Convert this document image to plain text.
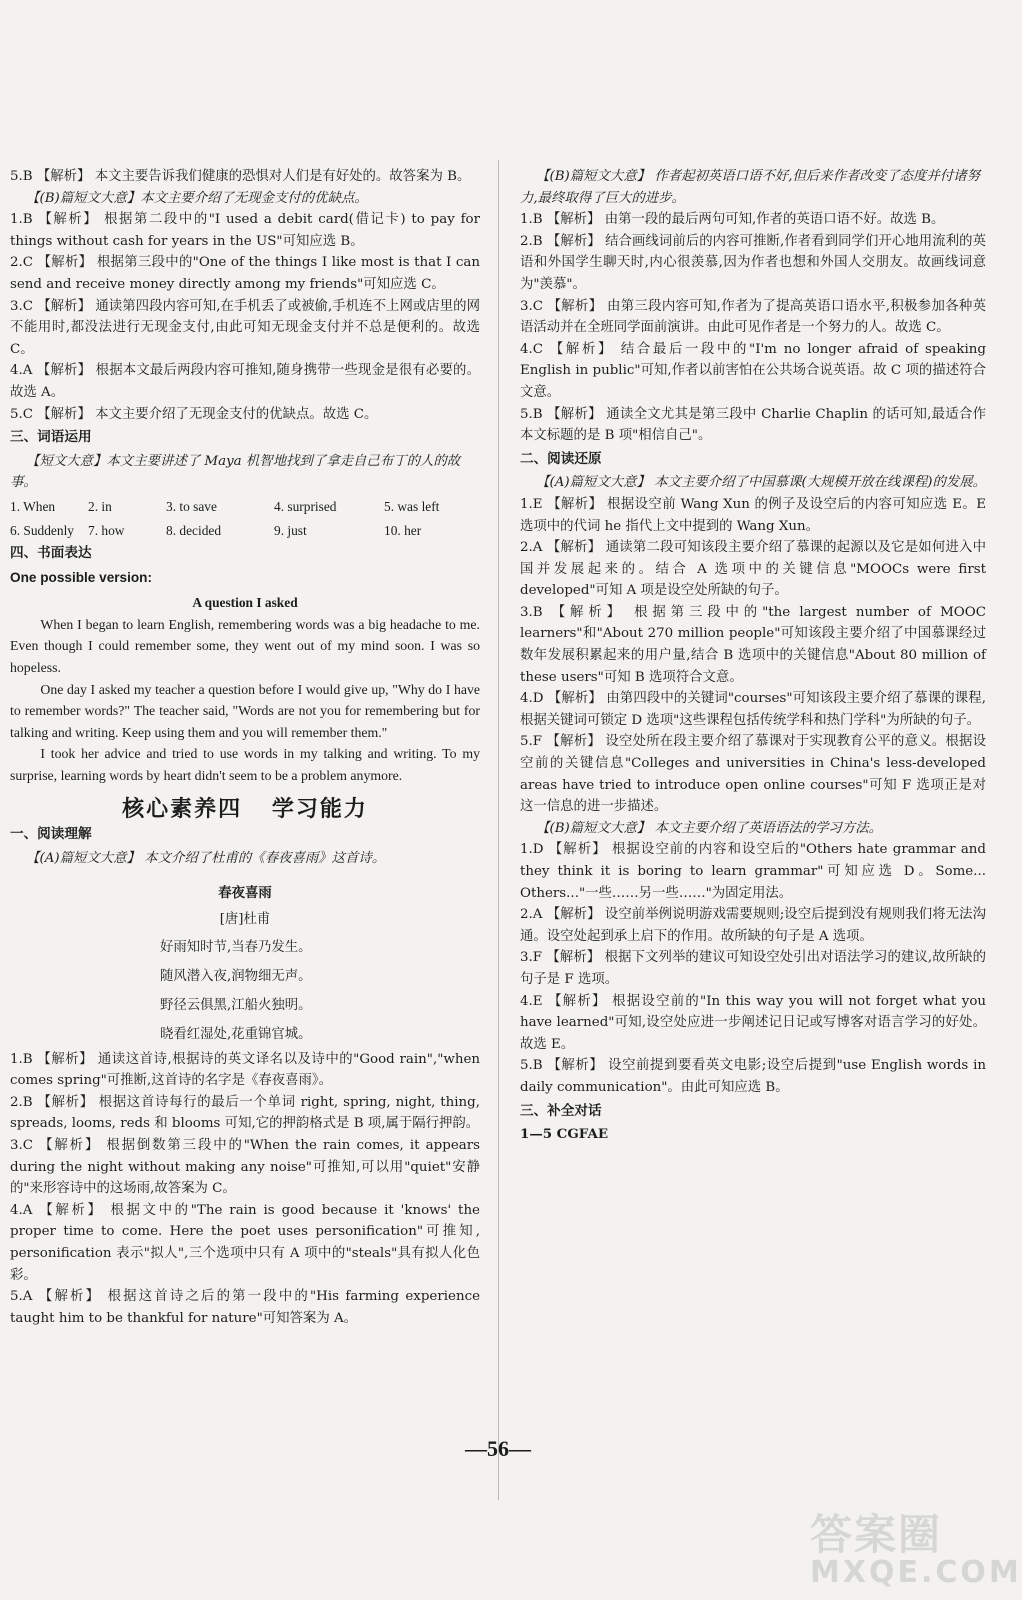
5.B 【解析】 本文主要告诉我们健康的恐惧对人们是有好处的。故答案为 B。

【(B)篇短文大意】本文主要介绍了无现金支付的优缺点。

1.B 【解析】 根据第二段中的"I used a debit card(借记卡) to pay for things without cash for years in the US"可知应选 B。

2.C 【解析】 根据第三段中的"One of the things I like most is that I can send and receive money directly among my friends"可知应选 C。

3.C 【解析】 通读第四段内容可知,在手机丢了或被偷,手机连不上网或店里的网不能用时,都没法进行无现金支付,由此可知无现金支付并不总是便利的。故选 C。

4.A 【解析】 根据本文最后两段内容可推知,随身携带一些现金是很有必要的。故选 A。

5.C 【解析】 本文主要介绍了无现金支付的优缺点。故选 C。

三、词语运用

【短文大意】本文主要讲述了 Maya 机智地找到了拿走自己布丁的人的故事。

1. When	2. in	3. to save	4. surprised	5. was left
6. Suddenly	7. how	8. decided	9. just	10. her

四、书面表达

One possible version:

A question I asked

When I began to learn English, remembering words was a big headache to me. Even though I could remember some, they went out of my mind soon. I was so hopeless.

One day I asked my teacher a question before I would give up, "Why do I have to remember words?" The teacher said, "Words are not you for remembering but for talking and writing. Keep using them and you will remember them."

I took her advice and tried to use words in my talking and writing. To my surprise, learning words by heart didn't seem to be a problem anymore.

核心素养四 学习能力

一、阅读理解

【(A)篇短文大意】 本文介绍了杜甫的《春夜喜雨》这首诗。

春夜喜雨

[唐]杜甫

好雨知时节,当春乃发生。

随风潜入夜,润物细无声。

野径云俱黑,江船火独明。

晓看红湿处,花重锦官城。

1.B 【解析】 通读这首诗,根据诗的英文译名以及诗中的"Good rain","when comes spring"可推断,这首诗的名字是《春夜喜雨》。

2.B 【解析】 根据这首诗每行的最后一个单词 right, spring, night, thing, spreads, looms, reds 和 blooms 可知,它的押韵格式是 B 项,属于隔行押韵。

3.C 【解析】 根据倒数第三段中的"When the rain comes, it appears during the night without making any noise"可推知,可以用"quiet"安静的"来形容诗中的这场雨,故答案为 C。

4.A 【解析】 根据文中的"The rain is good because it 'knows' the proper time to come. Here the poet uses personification"可推知, personification 表示"拟人",三个选项中只有 A 项中的"steals"具有拟人化色彩。

5.A 【解析】 根据这首诗之后的第一段中的"His farming experience taught him to be thankful for nature"可知答案为 A。

【(B)篇短文大意】 作者起初英语口语不好,但后来作者改变了态度并付诸努力,最终取得了巨大的进步。

1.B 【解析】 由第一段的最后两句可知,作者的英语口语不好。故选 B。

2.B 【解析】 结合画线词前后的内容可推断,作者看到同学们开心地用流利的英语和外国学生聊天时,内心很羡慕,因为作者也想和外国人交朋友。故画线词意为"羡慕"。

3.C 【解析】 由第三段内容可知,作者为了提高英语口语水平,积极参加各种英语活动并在全班同学面前演讲。由此可见作者是一个努力的人。故选 C。

4.C 【解析】 结合最后一段中的"I'm no longer afraid of speaking English in public"可知,作者以前害怕在公共场合说英语。故 C 项的描述符合文意。

5.B 【解析】 通读全文尤其是第三段中 Charlie Chaplin 的话可知,最适合作本文标题的是 B 项"相信自己"。

二、阅读还原

【(A)篇短文大意】 本文主要介绍了中国慕课(大规模开放在线课程)的发展。

1.E 【解析】 根据设空前 Wang Xun 的例子及设空后的内容可知应选 E。E 选项中的代词 he 指代上文中提到的 Wang Xun。

2.A 【解析】 通读第二段可知该段主要介绍了慕课的起源以及它是如何进入中国并发展起来的。结合 A 选项中的关键信息"MOOCs were first developed"可知 A 项是设空处所缺的句子。

3.B 【解析】 根据第三段中的"the largest number of MOOC learners"和"About 270 million people"可知该段主要介绍了中国慕课经过数年发展积累起来的用户量,结合 B 选项中的关键信息"About 80 million of these users"可知 B 选项符合文意。

4.D 【解析】 由第四段中的关键词"courses"可知该段主要介绍了慕课的课程,根据关键词可锁定 D 选项"这些课程包括传统学科和热门学科"为所缺的句子。

5.F 【解析】 设空处所在段主要介绍了慕课对于实现教育公平的意义。根据设空前的关键信息"Colleges and universities in China's less-developed areas have tried to introduce open online courses"可知 F 选项正是对这一信息的进一步描述。

【(B)篇短文大意】 本文主要介绍了英语语法的学习方法。

1.D 【解析】 根据设空前的内容和设空后的"Others hate grammar and they think it is boring to learn grammar"可知应选 D。Some... Others..."一些……另一些……"为固定用法。

2.A 【解析】 设空前举例说明游戏需要规则;设空后提到没有规则我们将无法沟通。设空处起到承上启下的作用。故所缺的句子是 A 选项。

3.F 【解析】 根据下文列举的建议可知设空处引出对语法学习的建议,故所缺的句子是 F 选项。

4.E 【解析】 根据设空前的"In this way you will not forget what you have learned"可知,设空处应进一步阐述记日记或写博客对语言学习的好处。故选 E。

5.B 【解析】 设空前提到要看英文电影;设空后提到"use English words in daily communication"。由此可知应选 B。

三、补全对话

1—5 CGFAE

—56—
答案圈
MXQE.COM
